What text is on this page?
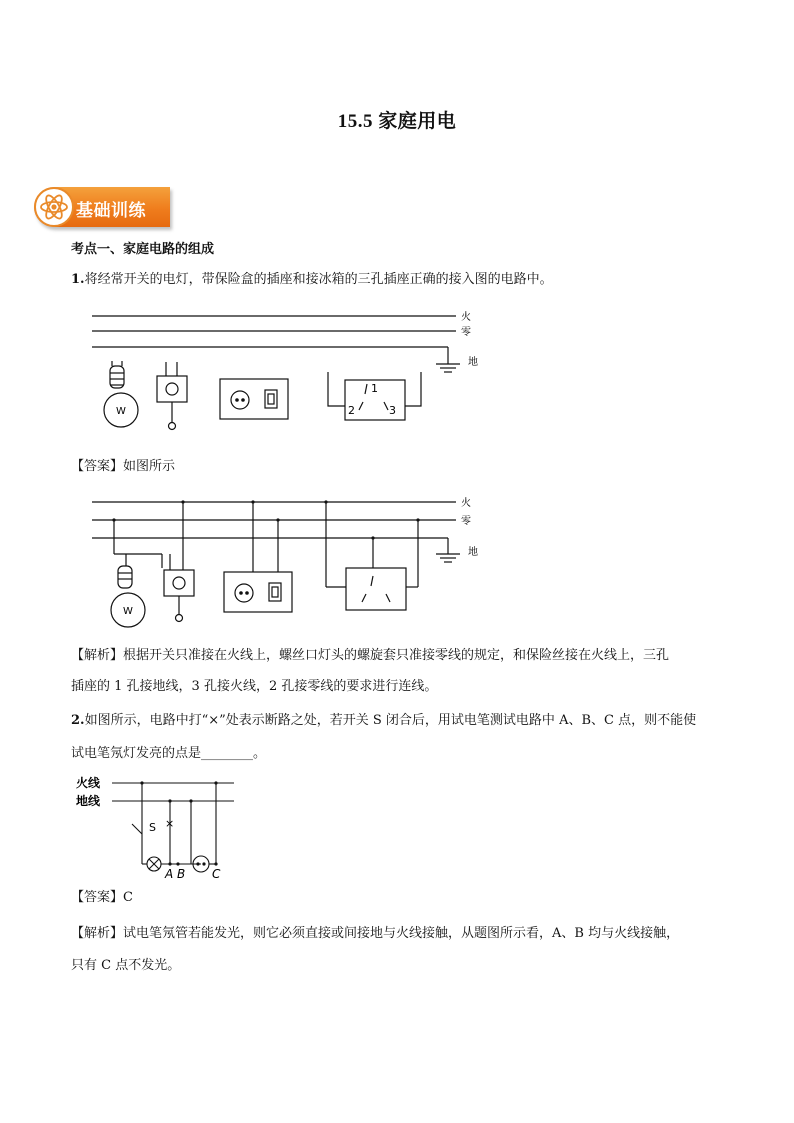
15.5 家庭用电
基础训练
考点一、家庭电路的组成
1.将经常开关的电灯，带保险盒的插座和接冰箱的三孔插座正确的接入图的电路中。
火
零
地
W
1
2	3
【答案】如图所示
火
零
地
W
【解析】根据开关只准接在火线上，螺丝口灯头的螺旋套只准接零线的规定，和保险丝接在火线上，三孔
插座的 1 孔接地线，3 孔接火线，2 孔接零线的要求进行连线。
2.如图所示，电路中打“×”处表示断路之处，若开关 S 闭合后，用试电笔测试电路中 A、B、C 点，则不能使
试电笔氖灯发亮的点是________。
火线
地线
S ×
A B C
【答案】C
【解析】试电笔氖管若能发光，则它必须直接或间接地与火线接触，从题图所示看，A、B 均与火线接触，
只有 C 点不发光。
